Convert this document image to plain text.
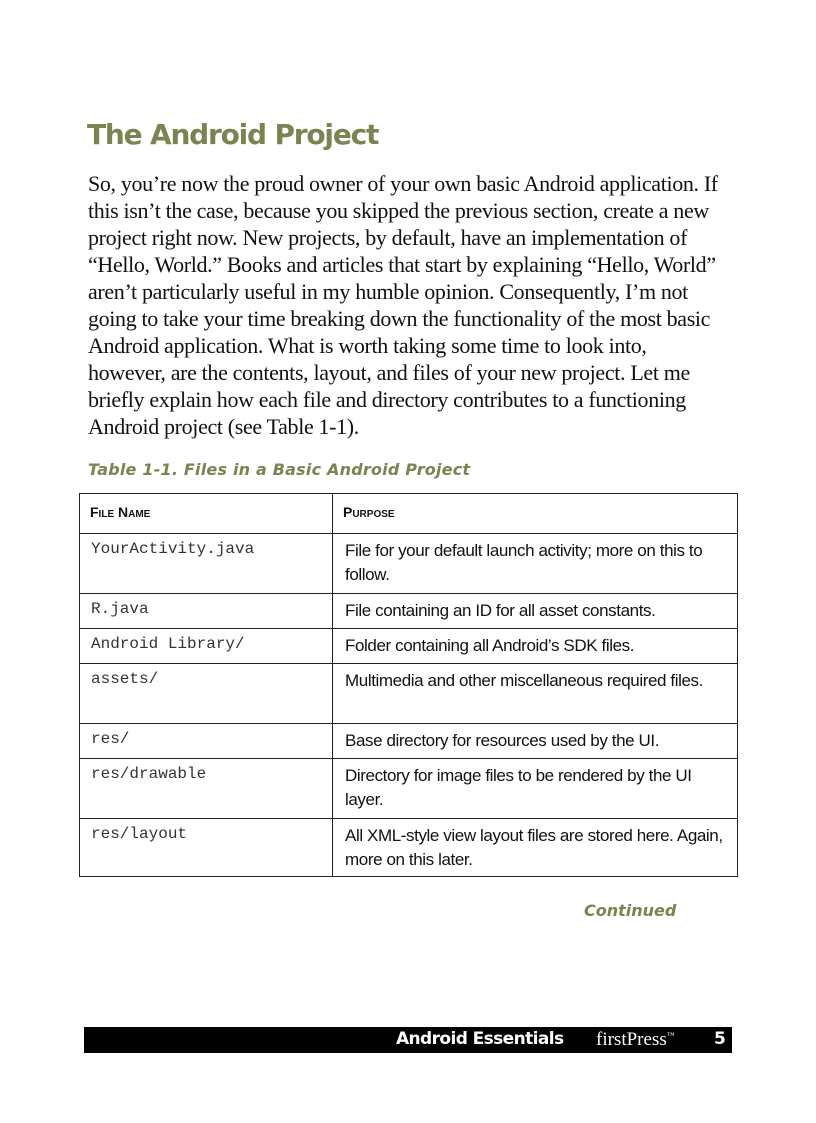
The Android Project

So, you’re now the proud owner of your own basic Android application. If this isn’t the case, because you skipped the previous section, create a new project right now. New projects, by default, have an implementation of “Hello, World.” Books and articles that start by explaining “Hello, World” aren’t particularly useful in my humble opinion. Consequently, I’m not going to take your time breaking down the functionality of the most basic Android application. What is worth taking some time to look into, however, are the contents, layout, and files of your new project. Let me briefly explain how each file and directory contributes to a functioning Android project (see Table 1-1).

Table 1-1. Files in a Basic Android Project

File Name	Purpose
YourActivity.java	File for your default launch activity; more on this to follow.
R.java	File containing an ID for all asset constants.
Android Library/	Folder containing all Android’s SDK files.
assets/	Multimedia and other miscellaneous required files.
res/	Base directory for resources used by the UI.
res/drawable	Directory for image files to be rendered by the UI layer.
res/layout	All XML-style view layout files are stored here. Again, more on this later.

Continued

Android Essentials firstPress™ 5
